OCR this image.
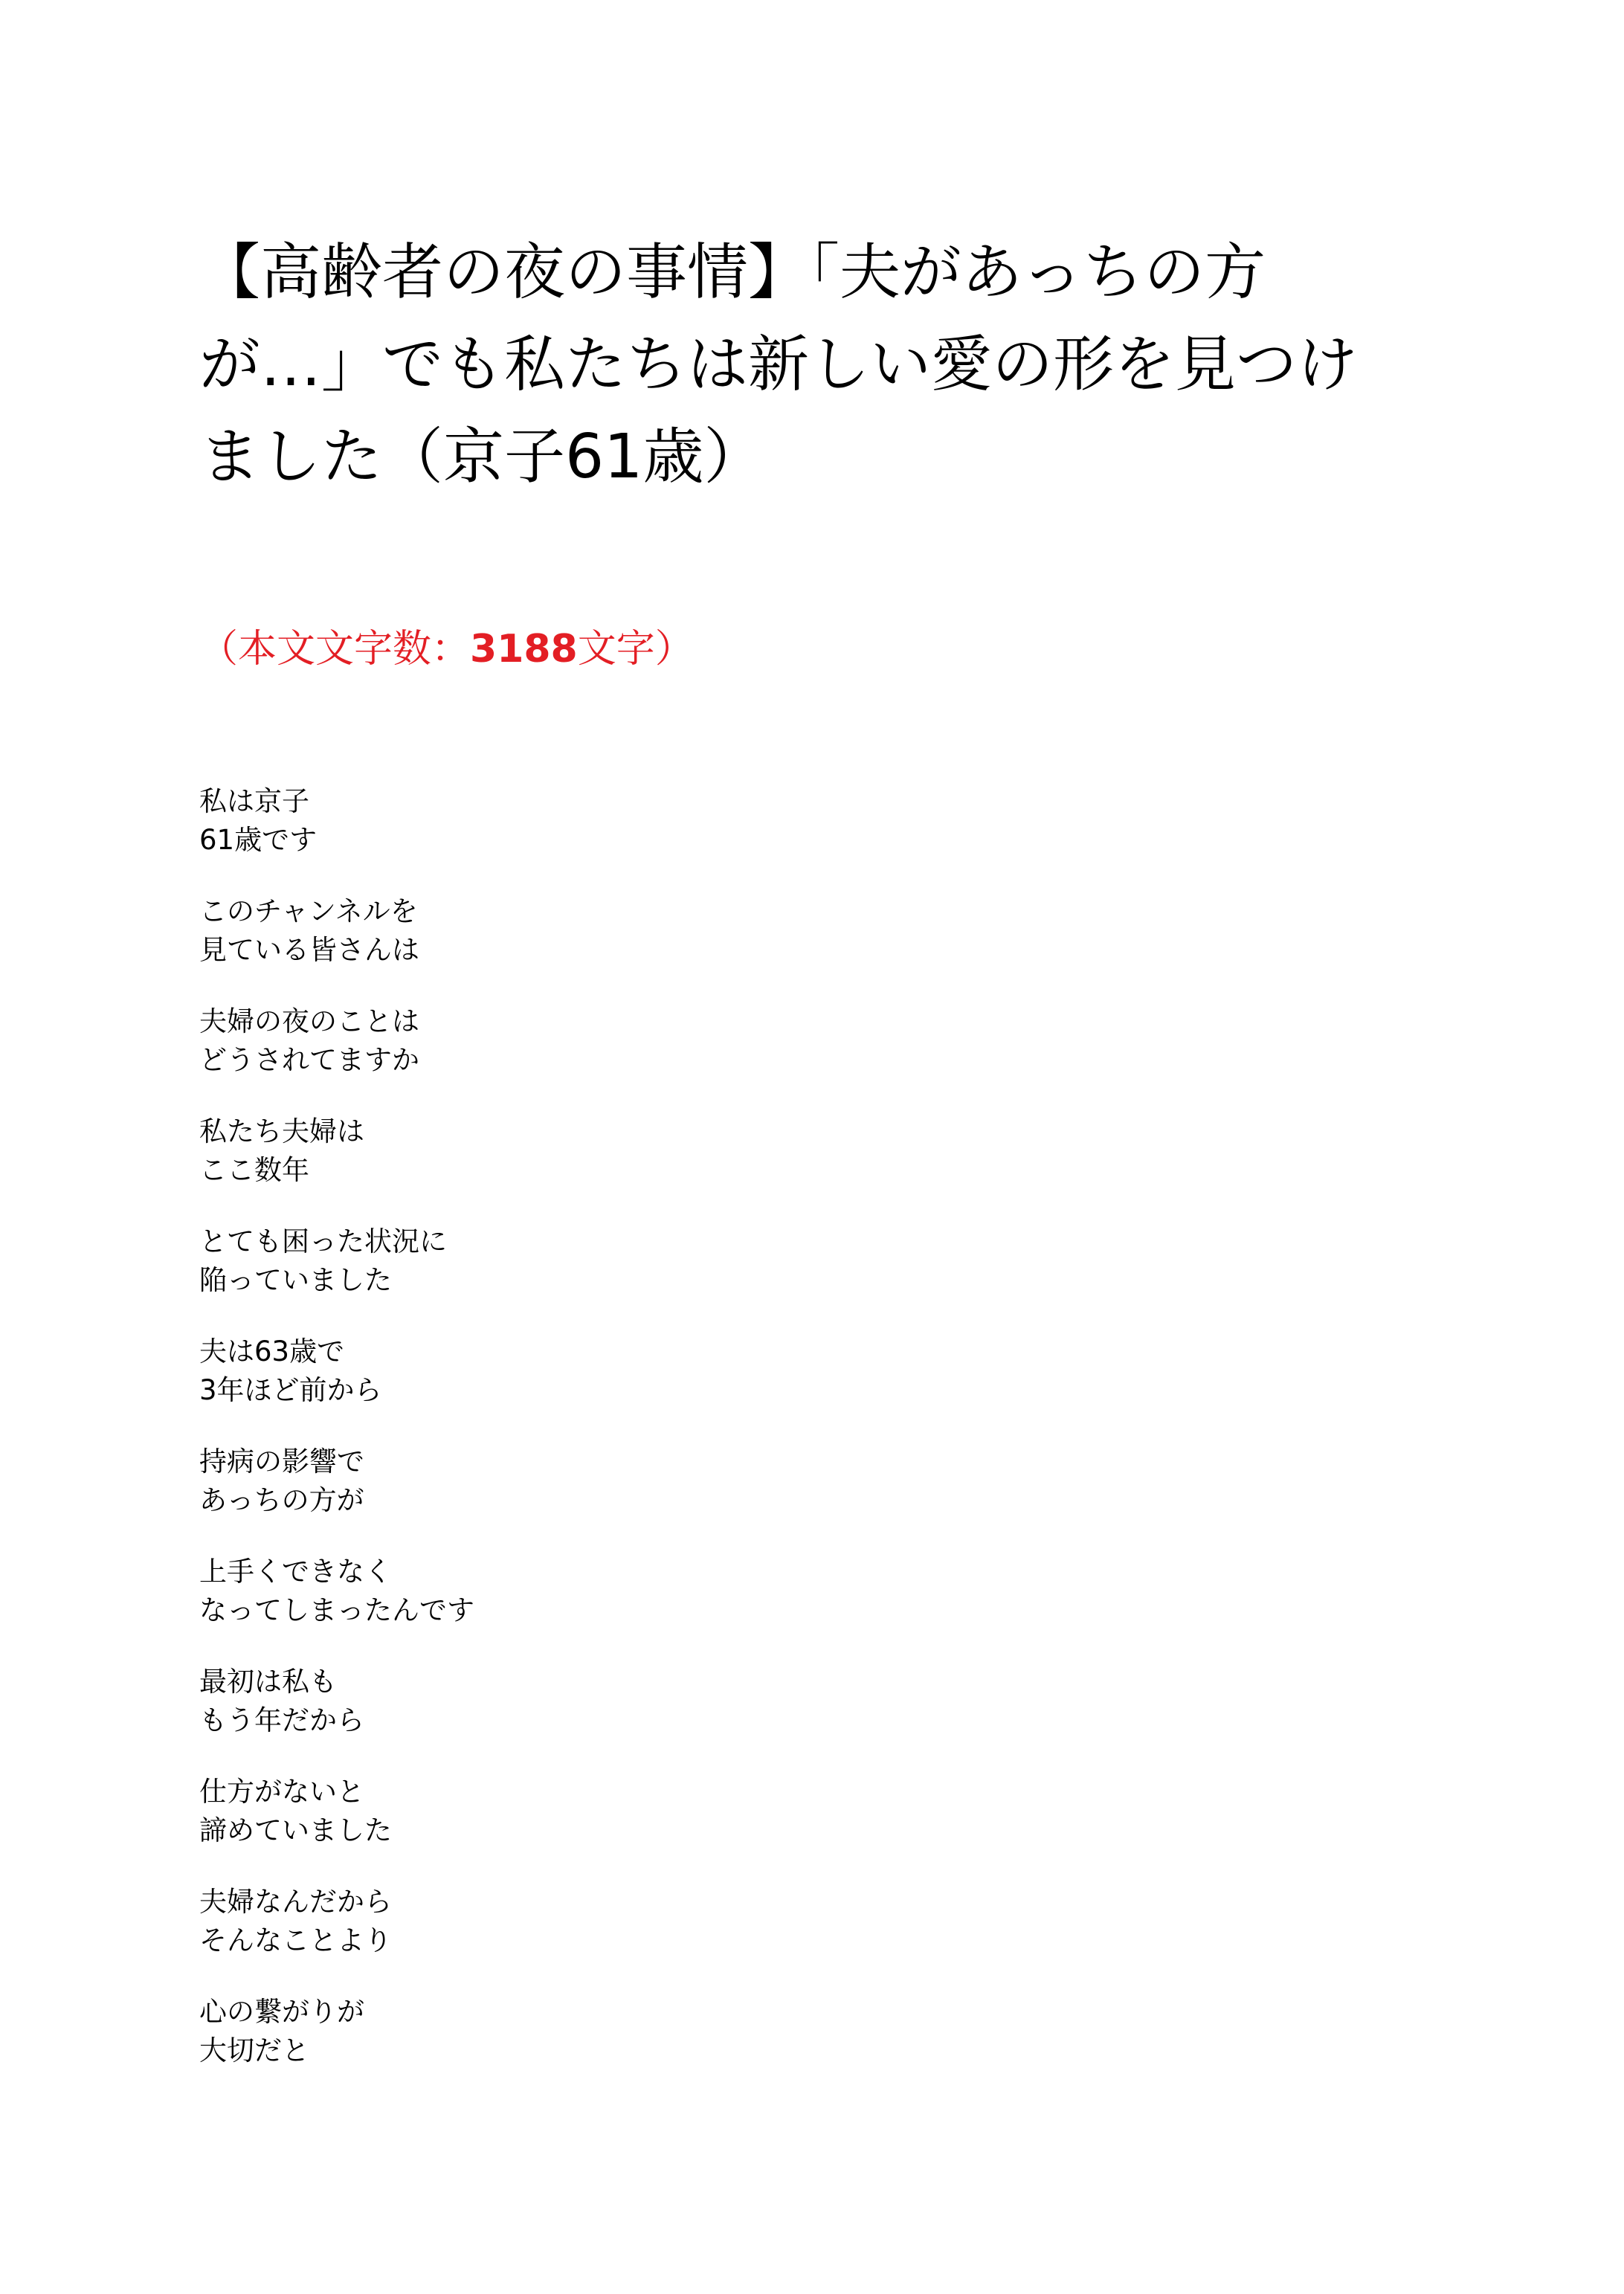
【高齢者の夜の事情】「夫があっちの方
が…」でも私たちは新しい愛の形を見つけ
ました（京子61歳）

（本文文字数：3188文字）

私は京子
61歳です

このチャンネルを
見ている皆さんは

夫婦の夜のことは
どうされてますか

私たち夫婦は
ここ数年

とても困った状況に
陥っていました

夫は63歳で
3年ほど前から

持病の影響で
あっちの方が

上手くできなく
なってしまったんです

最初は私も
もう年だから

仕方がないと
諦めていました

夫婦なんだから
そんなことより

心の繋がりが
大切だと
